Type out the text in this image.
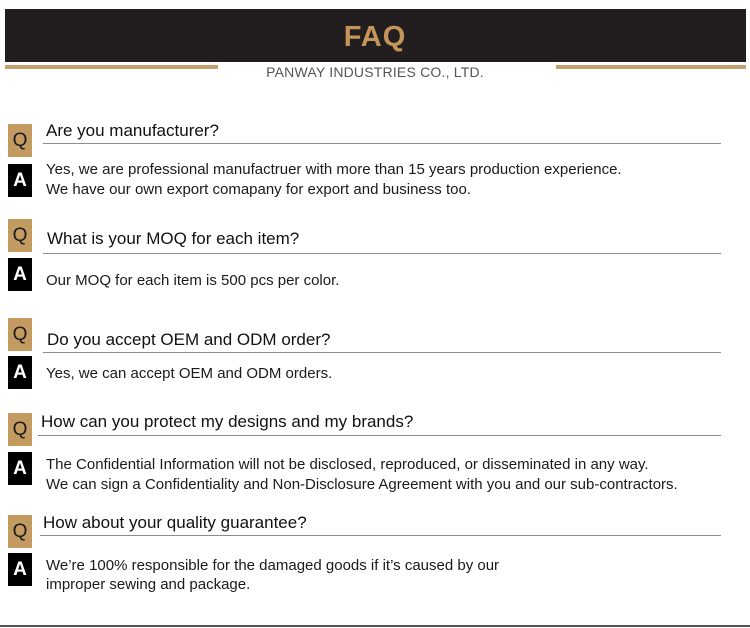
FAQ
PANWAY INDUSTRIES CO., LTD.
Q Are you manufacturer?
A
Yes, we are professional manufactruer with more than 15 years production experience.
We have our own export comapany for export and business too.
Q What is your MOQ for each item?
A	Our MOQ for each item is 500 pcs per color.
Q Do you accept OEM and ODM order?
A	Yes, we can accept OEM and ODM orders.
Q How can you protect my designs and my brands?
A	The Confidential Information will not be disclosed, reproduced, or disseminated in any way.
We can sign a Confidentiality and Non-Disclosure Agreement with you and our sub-contractors.
Q How about your quality guarantee?
A	We’re 100% responsible for the damaged goods if it’s caused by our
improper sewing and package.
